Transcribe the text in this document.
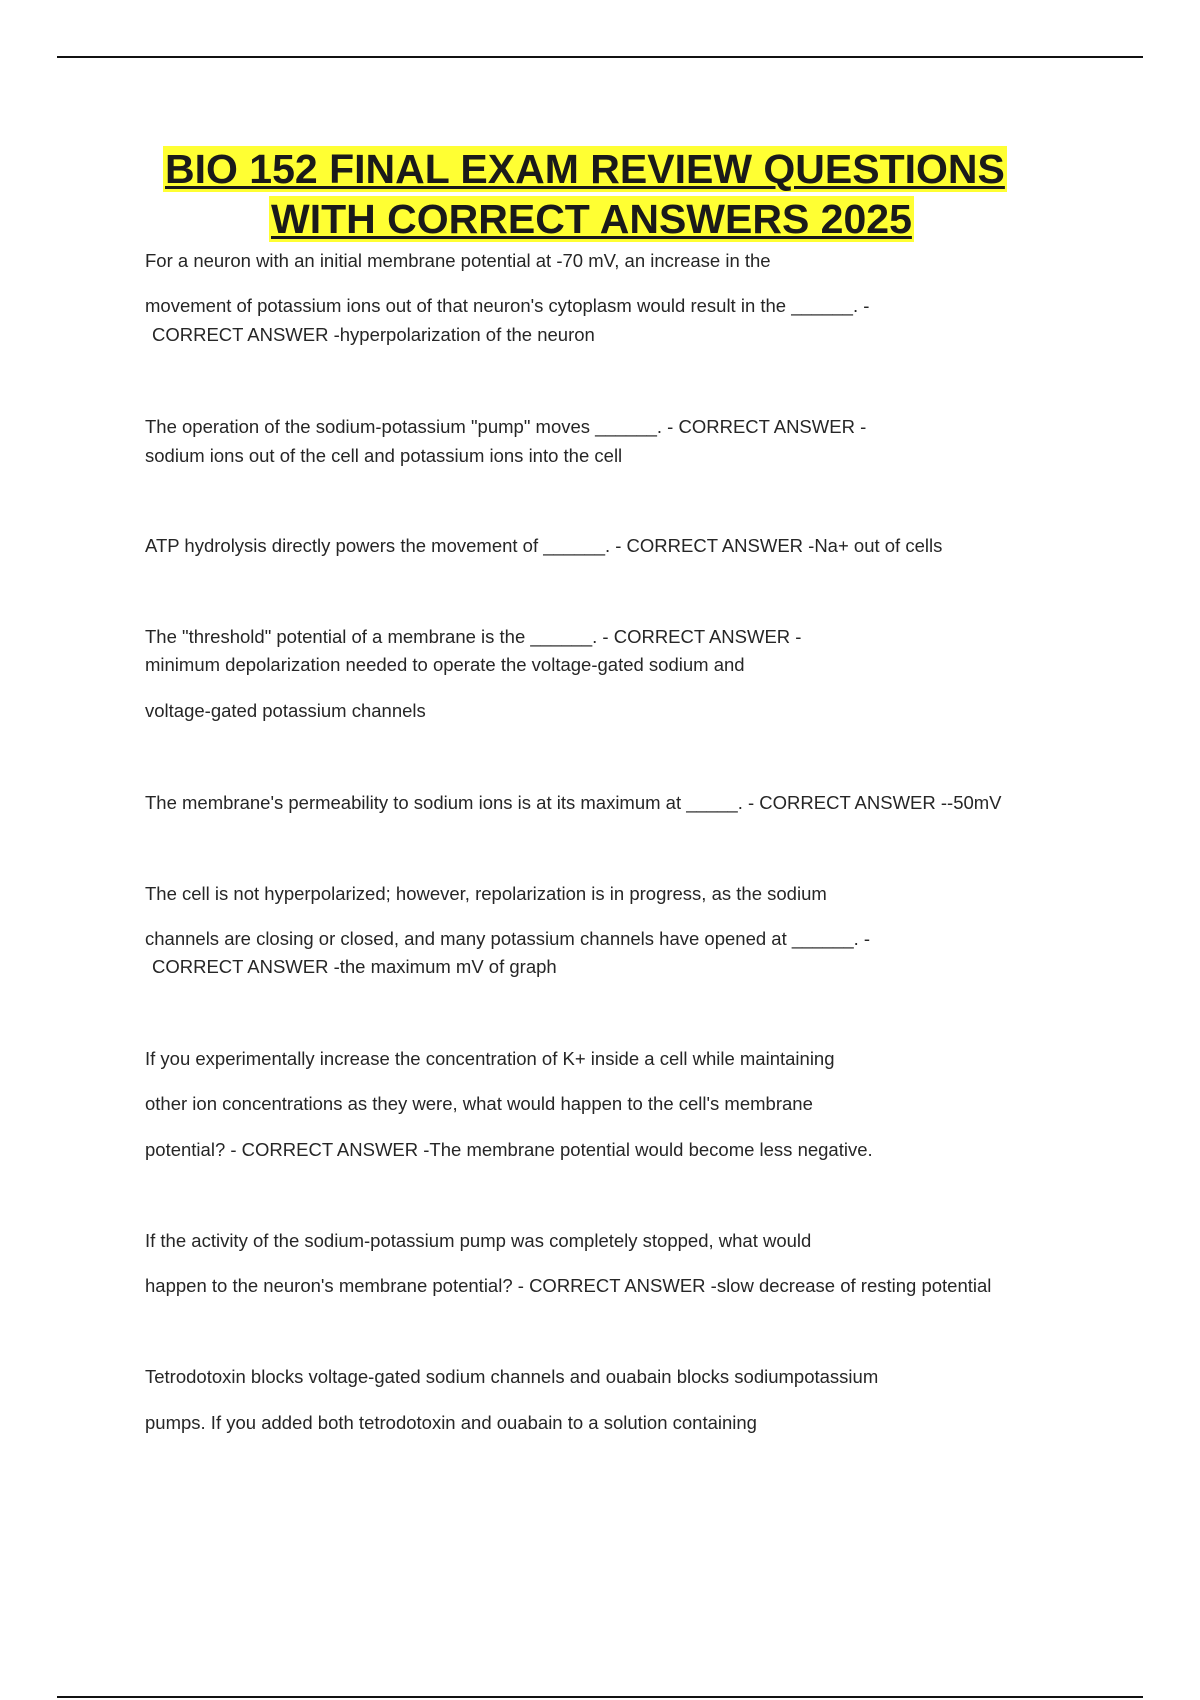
BIO 152 FINAL EXAM REVIEW QUESTIONS
WITH CORRECT ANSWERS 2025
For a neuron with an initial membrane potential at -70 mV, an increase in the
movement of potassium ions out of that neuron's cytoplasm would result in the ______. -
CORRECT ANSWER -hyperpolarization of the neuron
The operation of the sodium-potassium "pump" moves ______. - CORRECT ANSWER -
sodium ions out of the cell and potassium ions into the cell
ATP hydrolysis directly powers the movement of ______. - CORRECT ANSWER -Na+ out of cells
The "threshold" potential of a membrane is the ______. - CORRECT ANSWER -
minimum depolarization needed to operate the voltage-gated sodium and
voltage-gated potassium channels
The membrane's permeability to sodium ions is at its maximum at _____. - CORRECT ANSWER --50mV
The cell is not hyperpolarized; however, repolarization is in progress, as the sodium
channels are closing or closed, and many potassium channels have opened at ______. -
CORRECT ANSWER -the maximum mV of graph
If you experimentally increase the concentration of K+ inside a cell while maintaining
other ion concentrations as they were, what would happen to the cell's membrane
potential? - CORRECT ANSWER -The membrane potential would become less negative.
If the activity of the sodium-potassium pump was completely stopped, what would
happen to the neuron's membrane potential? - CORRECT ANSWER -slow decrease of resting potential
Tetrodotoxin blocks voltage-gated sodium channels and ouabain blocks sodiumpotassium
pumps. If you added both tetrodotoxin and ouabain to a solution containing
